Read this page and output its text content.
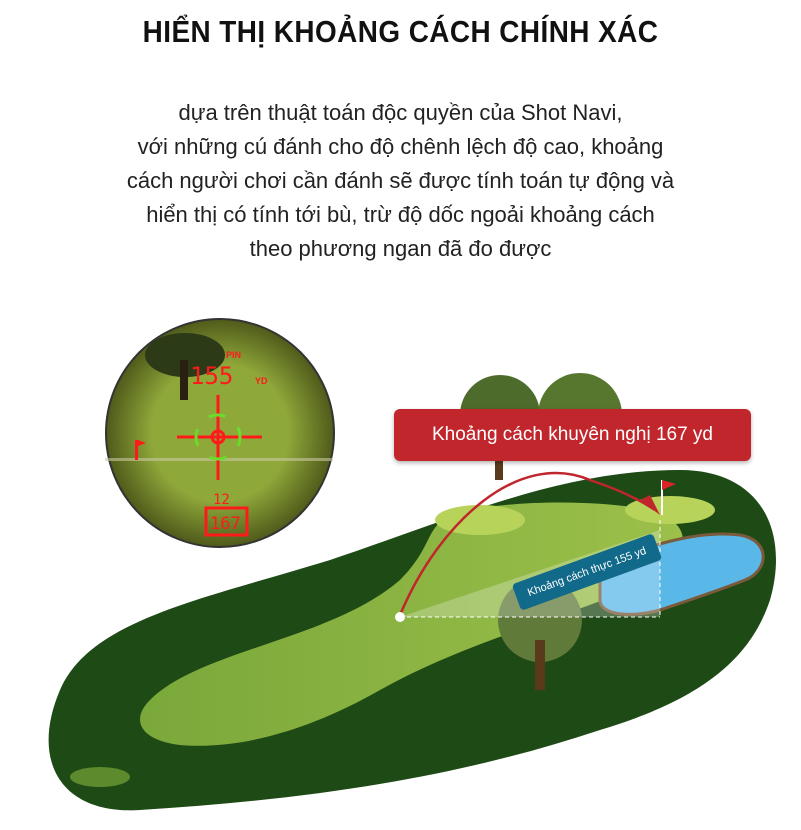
HIỂN THỊ KHOẢNG CÁCH CHÍNH XÁC
dựa trên thuật toán độc quyền của Shot Navi,
với những cú đánh cho độ chênh lệch độ cao, khoảng
cách người chơi cần đánh sẽ được tính toán tự động và
hiển thị có tính tới bù, trừ độ dốc ngoải khoảng cách
theo phương ngan đã đo được
PIN
155 YD
12
167
Khoảng cách khuyên nghị 167 yd
Khoảng cách thực 155 yd
